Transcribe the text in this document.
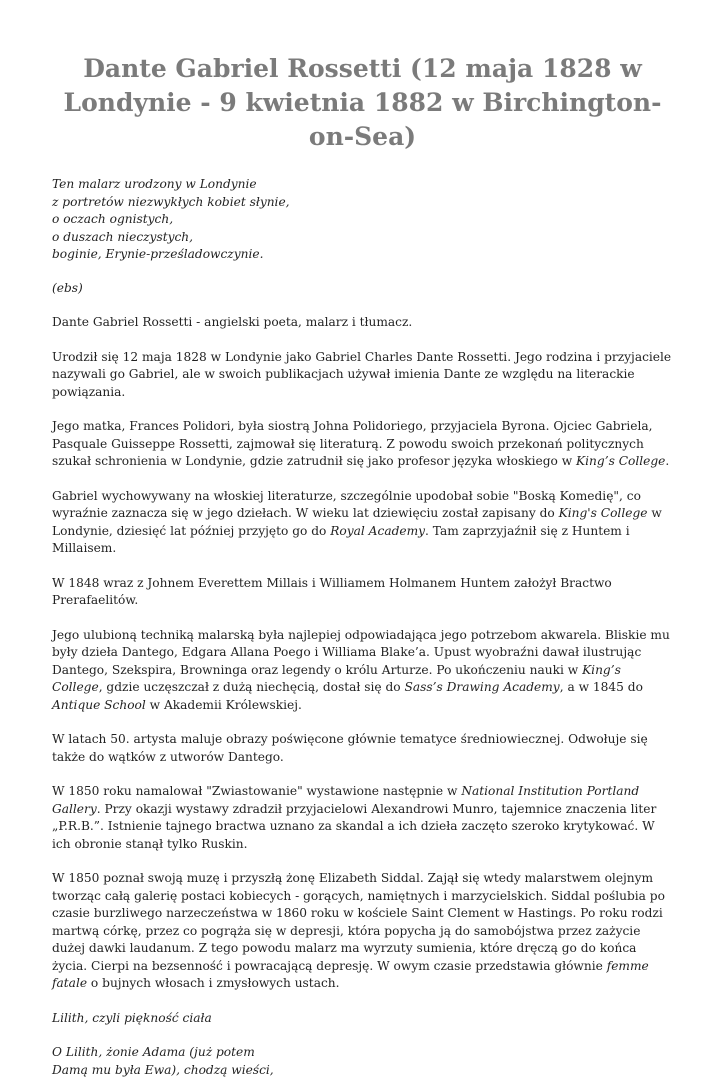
Dante Gabriel Rossetti (12 maja 1828 w Londynie - 9 kwietnia 1882 w Birchington-on-Sea)
Ten malarz urodzony w Londynie
z portretów niezwykłych kobiet słynie,
o oczach ognistych,
o duszach nieczystych,
boginie, Erynie-prześladowczynie.

(ebs)

Dante Gabriel Rossetti - angielski poeta, malarz i tłumacz.

Urodził się 12 maja 1828 w Londynie jako Gabriel Charles Dante Rossetti. Jego rodzina i przyjaciele nazywali go Gabriel, ale w swoich publikacjach używał imienia Dante ze względu na literackie powiązania.

Jego matka, Frances Polidori, była siostrą Johna Polidoriego, przyjaciela Byrona. Ojciec Gabriela, Pasquale Guisseppe Rossetti, zajmował się literaturą. Z powodu swoich przekonań politycznych szukał schronienia w Londynie, gdzie zatrudnił się jako profesor języka włoskiego w King’s College.

Gabriel wychowywany na włoskiej literaturze, szczególnie upodobał sobie "Boską Komedię", co wyraźnie zaznacza się w jego dziełach. W wieku lat dziewięciu został zapisany do King's College w Londynie, dziesięć lat później przyjęto go do Royal Academy. Tam zaprzyjaźnił się z Huntem i Millaisem.

W 1848 wraz z Johnem Everettem Millais i Williamem Holmanem Huntem założył Bractwo Prerafaelitów.

Jego ulubioną techniką malarską była najlepiej odpowiadająca jego potrzebom akwarela. Bliskie mu były dzieła Dantego, Edgara Allana Poego i Williama Blake’a. Upust wyobraźni dawał ilustrując Dantego, Szekspira, Browninga oraz legendy o królu Arturze. Po ukończeniu nauki w King’s College, gdzie uczęszczał z dużą niechęcią, dostał się do Sass’s Drawing Academy, a w 1845 do Antique School w Akademii Królewskiej.

W latach 50. artysta maluje obrazy poświęcone głównie tematyce średniowiecznej. Odwołuje się także do wątków z utworów Dantego.

W 1850 roku namalował "Zwiastowanie" wystawione następnie w National Institution Portland Gallery. Przy okazji wystawy zdradził przyjacielowi Alexandrowi Munro, tajemnice znaczenia liter „P.R.B.”. Istnienie tajnego bractwa uznano za skandal a ich dzieła zaczęto szeroko krytykować. W ich obronie stanął tylko Ruskin.

W 1850 poznał swoją muzę i przyszłą żonę Elizabeth Siddal. Zajął się wtedy malarstwem olejnym tworząc całą galerię postaci kobiecych - gorących, namiętnych i marzycielskich. Siddal poślubia po czasie burzliwego narzeczeństwa w 1860 roku w kościele Saint Clement w Hastings. Po roku rodzi martwą córkę, przez co pogrąża się w depresji, która popycha ją do samobójstwa przez zażycie dużej dawki laudanum. Z tego powodu malarz ma wyrzuty sumienia, które dręczą go do końca życia. Cierpi na bezsenność i powracającą depresję. W owym czasie przedstawia głównie femme fatale o bujnych włosach i zmysłowych ustach.

Lilith, czyli piękność ciała

O Lilith, żonie Adama (już potem
Damą mu była Ewa), chodzą wieści,
